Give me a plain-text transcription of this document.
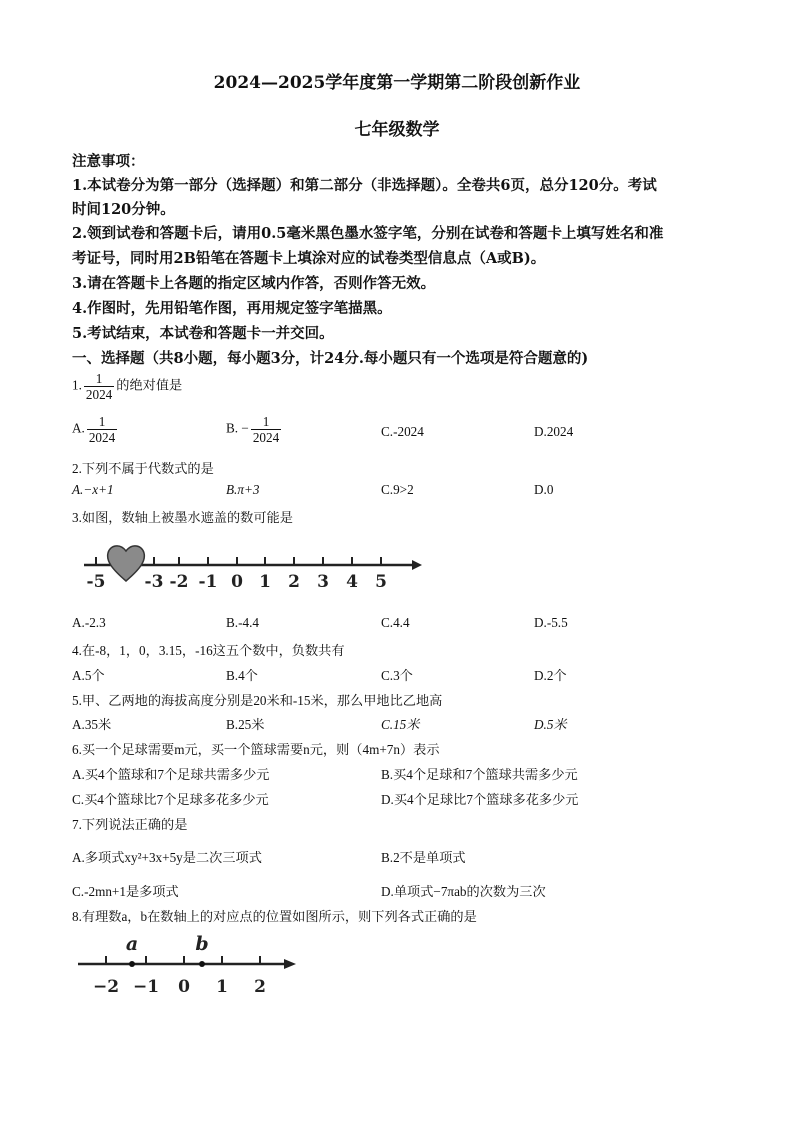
2024—2025学年度第一学期第二阶段创新作业
七年级数学
注意事项：
1.本试卷分为第一部分（选择题）和第二部分（非选择题）。全卷共6页，总分120分。考试
时间120分钟。
2.领到试卷和答题卡后，请用0.5毫米黑色墨水签字笔，分别在试卷和答题卡上填写姓名和准
考证号，同时用2B铅笔在答题卡上填涂对应的试卷类型信息点（A或B)。
3.请在答题卡上各题的指定区域内作答，否则作答无效。
4.作图时，先用铅笔作图，再用规定签字笔描黑。
5.考试结束，本试卷和答题卡一并交回。
一、选择题（共8小题，每小题3分，计24分.每小题只有一个选项是符合题意的)
1. $\frac{1}{2024}$ 的绝对值是
A. $\frac{1}{2024}$	B. − $\frac{1}{2024}$	C.-2024	D.2024
2.下列不属于代数式的是
A.−x+1	B.π+3	C.9>2	D.0
3.如图，数轴上被墨水遮盖的数可能是
-5 -3 -2 -1 0 1 2 3 4 5
A.-2.3	B.-4.4	C.4.4	D.-5.5
4.在-8，1，0，3.15，-16这五个数中，负数共有
A.5个	B.4个	C.3个	D.2个
5.甲、乙两地的海拔高度分别是20米和-15米，那么甲地比乙地高
A.35米	B.25米	C.15米	D.5米
6.买一个足球需要m元，买一个篮球需要n元，则（4m+7n）表示
A.买4个篮球和7个足球共需多少元	B.买4个足球和7个篮球共需多少元
C.买4个篮球比7个足球多花多少元	D.买4个足球比7个篮球多花多少元
7.下列说法正确的是
A.多项式xy²+3x+5y是二次三项式	B.2不是单项式
C.-2mn+1是多项式	D.单项式−7πab的次数为三次
8.有理数a，b在数轴上的对应点的位置如图所示，则下列各式正确的是
a	b
−2 −1 0 1 2
